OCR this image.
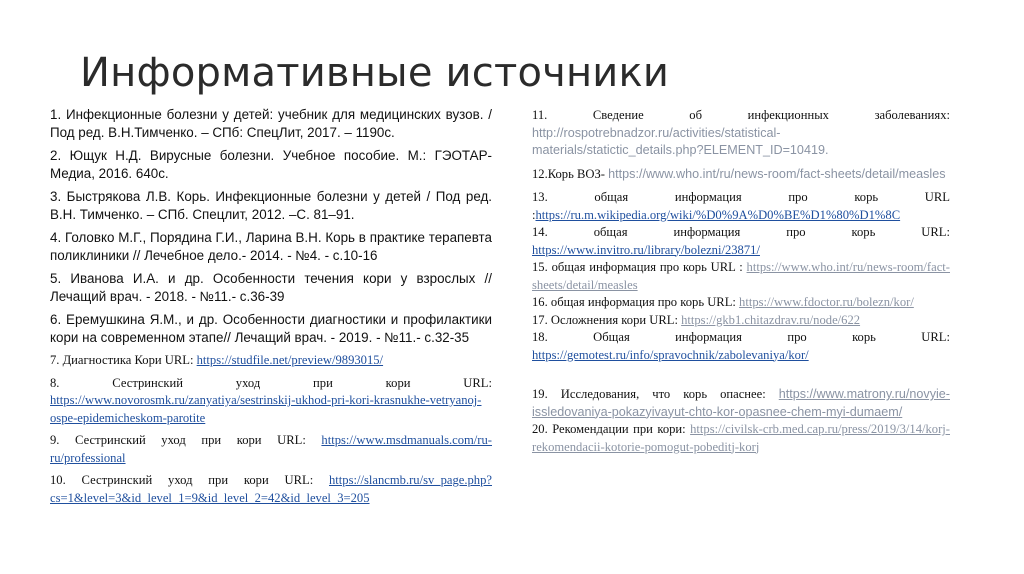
Информативные источники

1. Инфекционные болезни у детей: учебник для медицинских вузов. / Под ред. В.Н.Тимченко. – СПб: СпецЛит, 2017. – 1190с.

2. Ющук Н.Д. Вирусные болезни. Учебное пособие. М.: ГЭОТАР-Медиа, 2016. 640с.

3. Быстрякова Л.В. Корь. Инфекционные болезни у детей / Под ред. В.Н. Тимченко. – СПб. Спецлит, 2012. –С. 81–91.

4. Головко М.Г., Порядина Г.И., Ларина В.Н. Корь в практике терапевта поликлиники // Лечебное дело.- 2014. - №4. - с.10-16

5. Иванова И.А. и др. Особенности течения кори у взрослых // Лечащий врач. - 2018. - №11.- с.36-39

6. Еремушкина Я.М., и др. Особенности диагностики и профилактики кори на современном этапе// Лечащий врач. - 2019. - №11.- с.32-35

7. Диагностика Кори URL: https://studfile.net/preview/9893015/

8. Сестринский уход при кори URL: https://www.novorosmk.ru/zanyatiya/sestrinskij-ukhod-pri-kori-krasnukhe-vetryanoj-ospe-epidemicheskom-parotite

9. Сестринский уход при кори URL: https://www.msdmanuals.com/ru-ru/professional

10. Сестринский уход при кори URL: https://slancmb.ru/sv_page.php?cs=1&level=3&id_level_1=9&id_level_2=42&id_level_3=205

11. Сведение об инфекционных заболеваниях: http://rospotrebnadzor.ru/activities/statistical-materials/statictic_details.php?ELEMENT_ID=10419.

12.Корь ВОЗ- https://www.who.int/ru/news-room/fact-sheets/detail/measles

13. общая информация про корь URL :https://ru.m.wikipedia.org/wiki/%D0%9A%D0%BE%D1%80%D1%8C

14. общая информация про корь URL: https://www.invitro.ru/library/bolezni/23871/

15. общая информация про корь URL : https://www.who.int/ru/news-room/fact-sheets/detail/measles

16. общая информация про корь URL: https://www.fdoctor.ru/bolezn/kor/

17. Осложнения кори URL: https://gkb1.chitazdrav.ru/node/622

18. Общая информация про корь URL: https://gemotest.ru/info/spravochnik/zabolevaniya/kor/

19. Исследования, что корь опаснее: https://www.matrony.ru/novyie-issledovaniya-pokazyivayut-chto-kor-opasnee-chem-myi-dumaem/

20. Рекомендации при кори: https://civilsk-crb.med.cap.ru/press/2019/3/14/korj-rekomendacii-kotorie-pomogut-pobeditj-korj
